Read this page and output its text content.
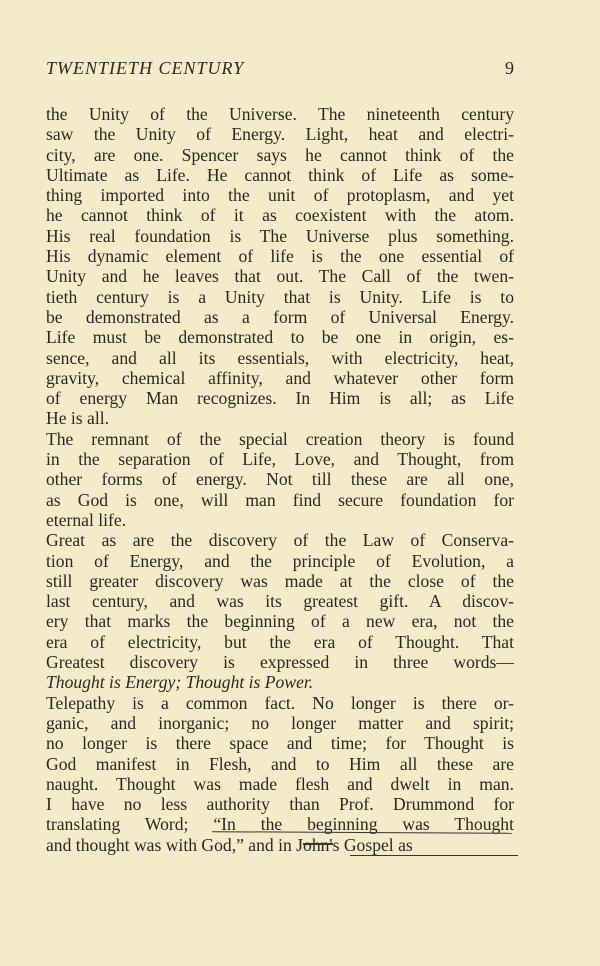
TWENTIETH CENTURY	9
the Unity of the Universe. The nineteenth century
saw the Unity of Energy. Light, heat and electri-
city, are one. Spencer says he cannot think of the
Ultimate as Life. He cannot think of Life as some-
thing imported into the unit of protoplasm, and yet
he cannot think of it as coexistent with the atom.
His real foundation is The Universe plus something.
His dynamic element of life is the one essential of
Unity and he leaves that out. The Call of the twen-
tieth century is a Unity that is Unity. Life is to
be demonstrated as a form of Universal Energy.
Life must be demonstrated to be one in origin, es-
sence, and all its essentials, with electricity, heat,
gravity, chemical affinity, and whatever other form
of energy Man recognizes. In Him is all; as Life
He is all.
The remnant of the special creation theory is found
in the separation of Life, Love, and Thought, from
other forms of energy. Not till these are all one,
as God is one, will man find secure foundation for
eternal life.
Great as are the discovery of the Law of Conserva-
tion of Energy, and the principle of Evolution, a
still greater discovery was made at the close of the
last century, and was its greatest gift. A discov-
ery that marks the beginning of a new era, not the
era of electricity, but the era of Thought. That
Greatest discovery is expressed in three words—
Thought is Energy; Thought is Power.
Telepathy is a common fact. No longer is there or-
ganic, and inorganic; no longer matter and spirit;
no longer is there space and time; for Thought is
God manifest in Flesh, and to Him all these are
naught. Thought was made flesh and dwelt in man.
I have no less authority than Prof. Drummond for
translating Word; “In the beginning was Thought
and thought was with God,” and in John's Gospel as
